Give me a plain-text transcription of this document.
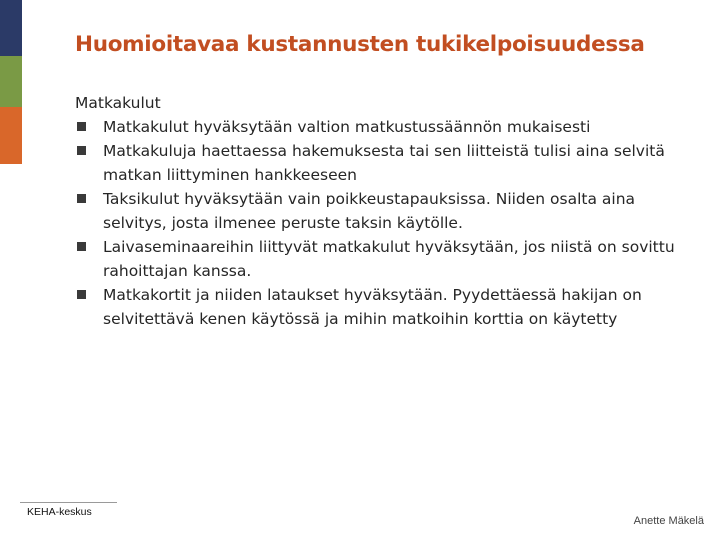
Huomioitavaa kustannusten tukikelpoisuudessa

Matkakulut

Matkakulut hyväksytään valtion matkustussäännön mukaisesti
Matkakuluja haettaessa hakemuksesta tai sen liitteistä tulisi aina selvitä matkan liittyminen hankkeeseen
Taksikulut hyväksytään vain poikkeustapauksissa. Niiden osalta aina selvitys, josta ilmenee peruste taksin käytölle.
Laivaseminaareihin liittyvät matkakulut hyväksytään, jos niistä on sovittu rahoittajan kanssa.
Matkakortit ja niiden lataukset hyväksytään. Pyydettäessä hakijan on selvitettävä kenen käytössä ja mihin matkoihin korttia on käytetty
KEHA-keskus
Anette Mäkelä
